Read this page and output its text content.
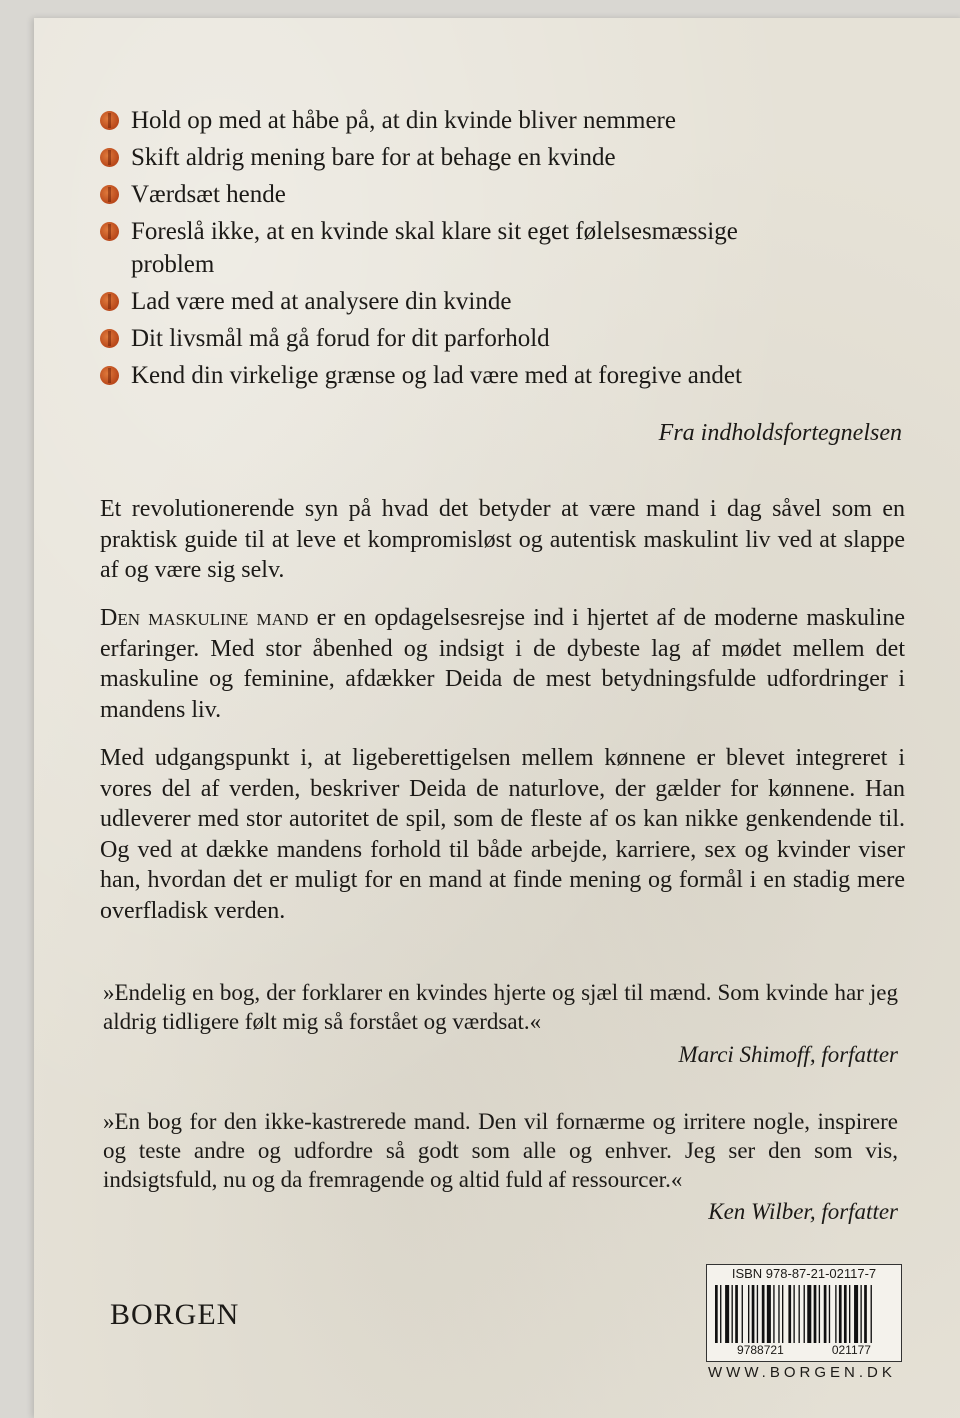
Hold op med at håbe på, at din kvinde bliver nemmere
Skift aldrig mening bare for at behage en kvinde
Værdsæt hende
Foreslå ikke, at en kvinde skal klare sit eget følelsesmæssige problem
Lad være med at analysere din kvinde
Dit livsmål må gå forud for dit parforhold
Kend din virkelige grænse og lad være med at foregive andet
Fra indholdsfortegnelsen
Et revolutionerende syn på hvad det betyder at være mand i dag såvel som en praktisk guide til at leve et kompromisløst og autentisk maskulint liv ved at slappe af og være sig selv.
Den maskuline mand er en opdagelsesrejse ind i hjertet af de moderne maskuline erfaringer. Med stor åbenhed og indsigt i de dybeste lag af mødet mellem det maskuline og feminine, afdækker Deida de mest betydningsfulde udfordringer i mandens liv.
Med udgangspunkt i, at ligeberettigelsen mellem kønnene er blevet integreret i vores del af verden, beskriver Deida de naturlove, der gælder for kønnene. Han udleverer med stor autoritet de spil, som de fleste af os kan nikke genkendende til. Og ved at dække mandens forhold til både arbejde, karriere, sex og kvinder viser han, hvordan det er muligt for en mand at finde mening og formål i en stadig mere overfladisk verden.
»Endelig en bog, der forklarer en kvindes hjerte og sjæl til mænd. Som kvinde har jeg aldrig tidligere følt mig så forstået og værdsat.«
Marci Shimoff, forfatter
»En bog for den ikke-kastrerede mand. Den vil fornærme og irritere nogle, inspirere og teste andre og udfordre så godt som alle og enhver. Jeg ser den som vis, indsigtsfuld, nu og da fremragende og altid fuld af ressourcer.«
Ken Wilber, forfatter
BORGEN
ISBN 978-87-21-02117-7
9788721	021177
WWW.BORGEN.DK
